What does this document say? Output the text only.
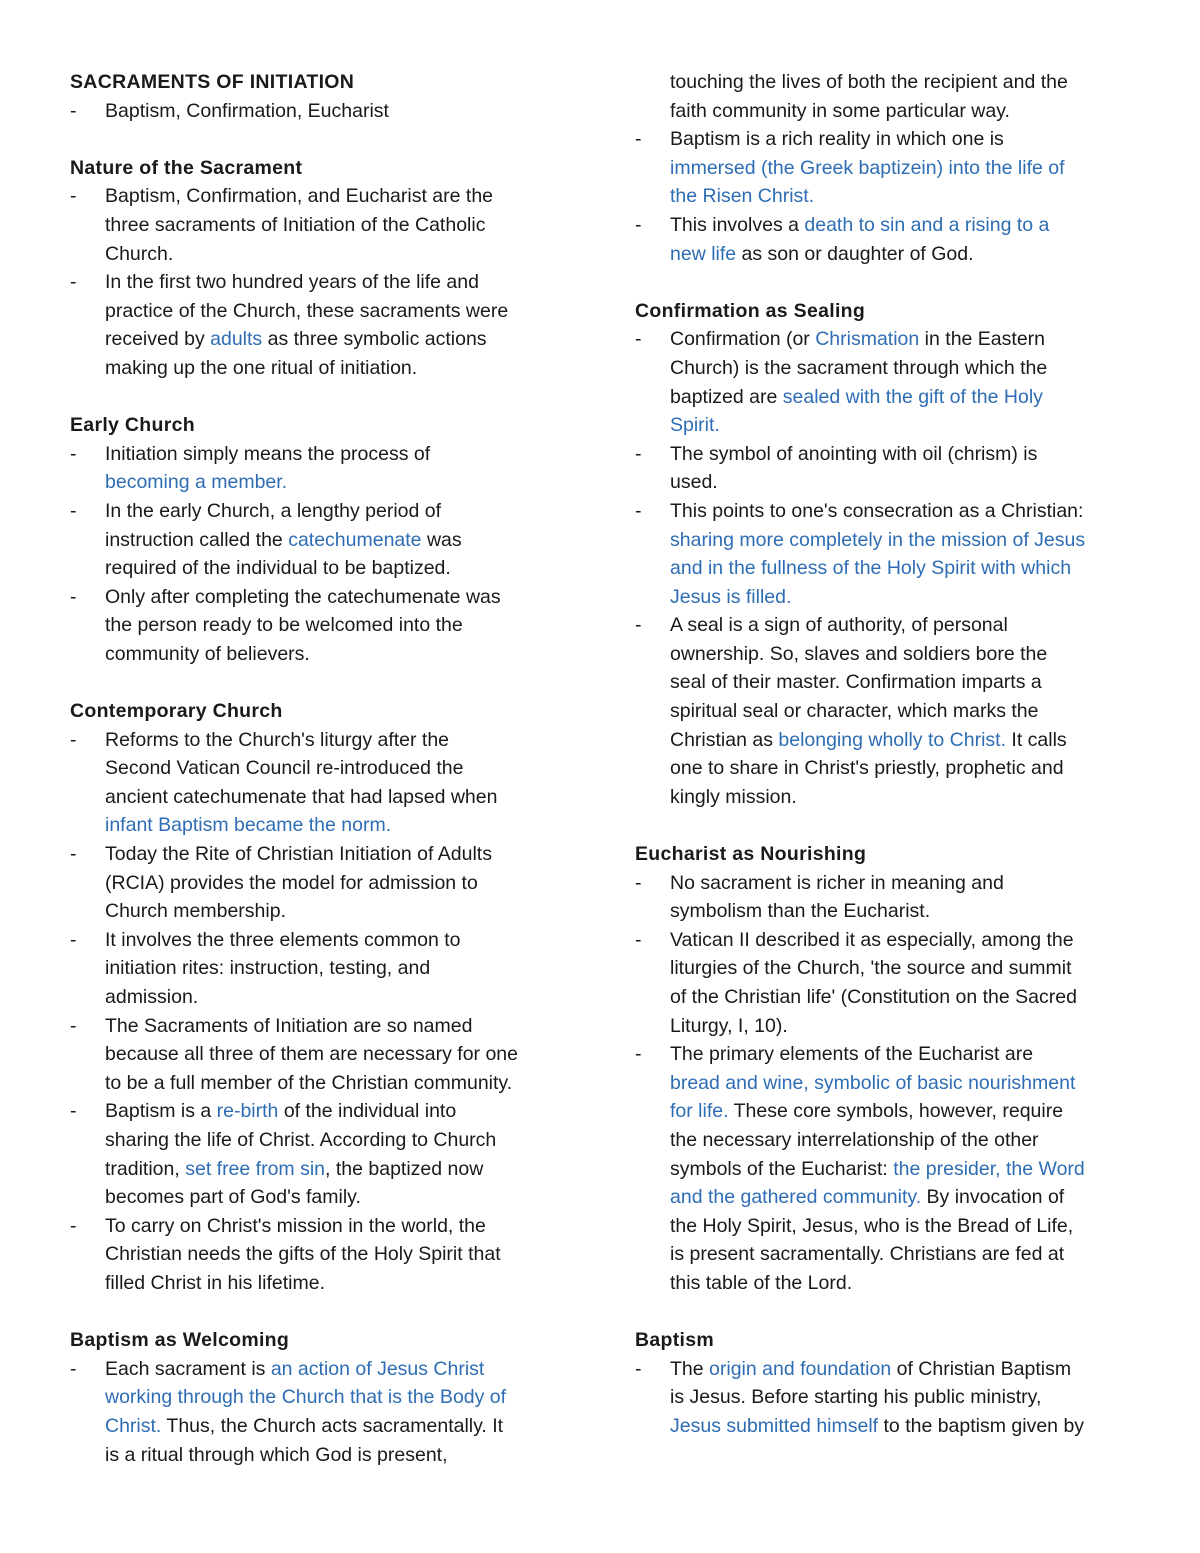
SACRAMENTS OF INITIATION
- Baptism, Confirmation, Eucharist
Nature of the Sacrament
- Baptism, Confirmation, and Eucharist are the
three sacraments of Initiation of the Catholic
Church.
- In the first two hundred years of the life and
practice of the Church, these sacraments were
received by adults as three symbolic actions
making up the one ritual of initiation.
Early Church
- Initiation simply means the process of
becoming a member.
- In the early Church, a lengthy period of
instruction called the catechumenate was
required of the individual to be baptized.
- Only after completing the catechumenate was
the person ready to be welcomed into the
community of believers.
Contemporary Church
- Reforms to the Church's liturgy after the
Second Vatican Council re-introduced the
ancient catechumenate that had lapsed when
infant Baptism became the norm.
- Today the Rite of Christian Initiation of Adults
(RCIA) provides the model for admission to
Church membership.
- It involves the three elements common to
initiation rites: instruction, testing, and
admission.
- The Sacraments of Initiation are so named
because all three of them are necessary for one
to be a full member of the Christian community.
- Baptism is a re-birth of the individual into
sharing the life of Christ. According to Church
tradition, set free from sin, the baptized now
becomes part of God's family.
- To carry on Christ's mission in the world, the
Christian needs the gifts of the Holy Spirit that
filled Christ in his lifetime.
Baptism as Welcoming
- Each sacrament is an action of Jesus Christ
working through the Church that is the Body of
Christ. Thus, the Church acts sacramentally. It
is a ritual through which God is present,
touching the lives of both the recipient and the
faith community in some particular way.
- Baptism is a rich reality in which one is
immersed (the Greek baptizein) into the life of
the Risen Christ.
- This involves a death to sin and a rising to a
new life as son or daughter of God.
Confirmation as Sealing
- Confirmation (or Chrismation in the Eastern
Church) is the sacrament through which the
baptized are sealed with the gift of the Holy
Spirit.
- The symbol of anointing with oil (chrism) is
used.
- This points to one's consecration as a Christian:
sharing more completely in the mission of Jesus
and in the fullness of the Holy Spirit with which
Jesus is filled.
- A seal is a sign of authority, of personal
ownership. So, slaves and soldiers bore the
seal of their master. Confirmation imparts a
spiritual seal or character, which marks the
Christian as belonging wholly to Christ. It calls
one to share in Christ's priestly, prophetic and
kingly mission.
Eucharist as Nourishing
- No sacrament is richer in meaning and
symbolism than the Eucharist.
- Vatican II described it as especially, among the
liturgies of the Church, 'the source and summit
of the Christian life' (Constitution on the Sacred
Liturgy, I, 10).
- The primary elements of the Eucharist are
bread and wine, symbolic of basic nourishment
for life. These core symbols, however, require
the necessary interrelationship of the other
symbols of the Eucharist: the presider, the Word
and the gathered community. By invocation of
the Holy Spirit, Jesus, who is the Bread of Life,
is present sacramentally. Christians are fed at
this table of the Lord.
Baptism
- The origin and foundation of Christian Baptism
is Jesus. Before starting his public ministry,
Jesus submitted himself to the baptism given by
